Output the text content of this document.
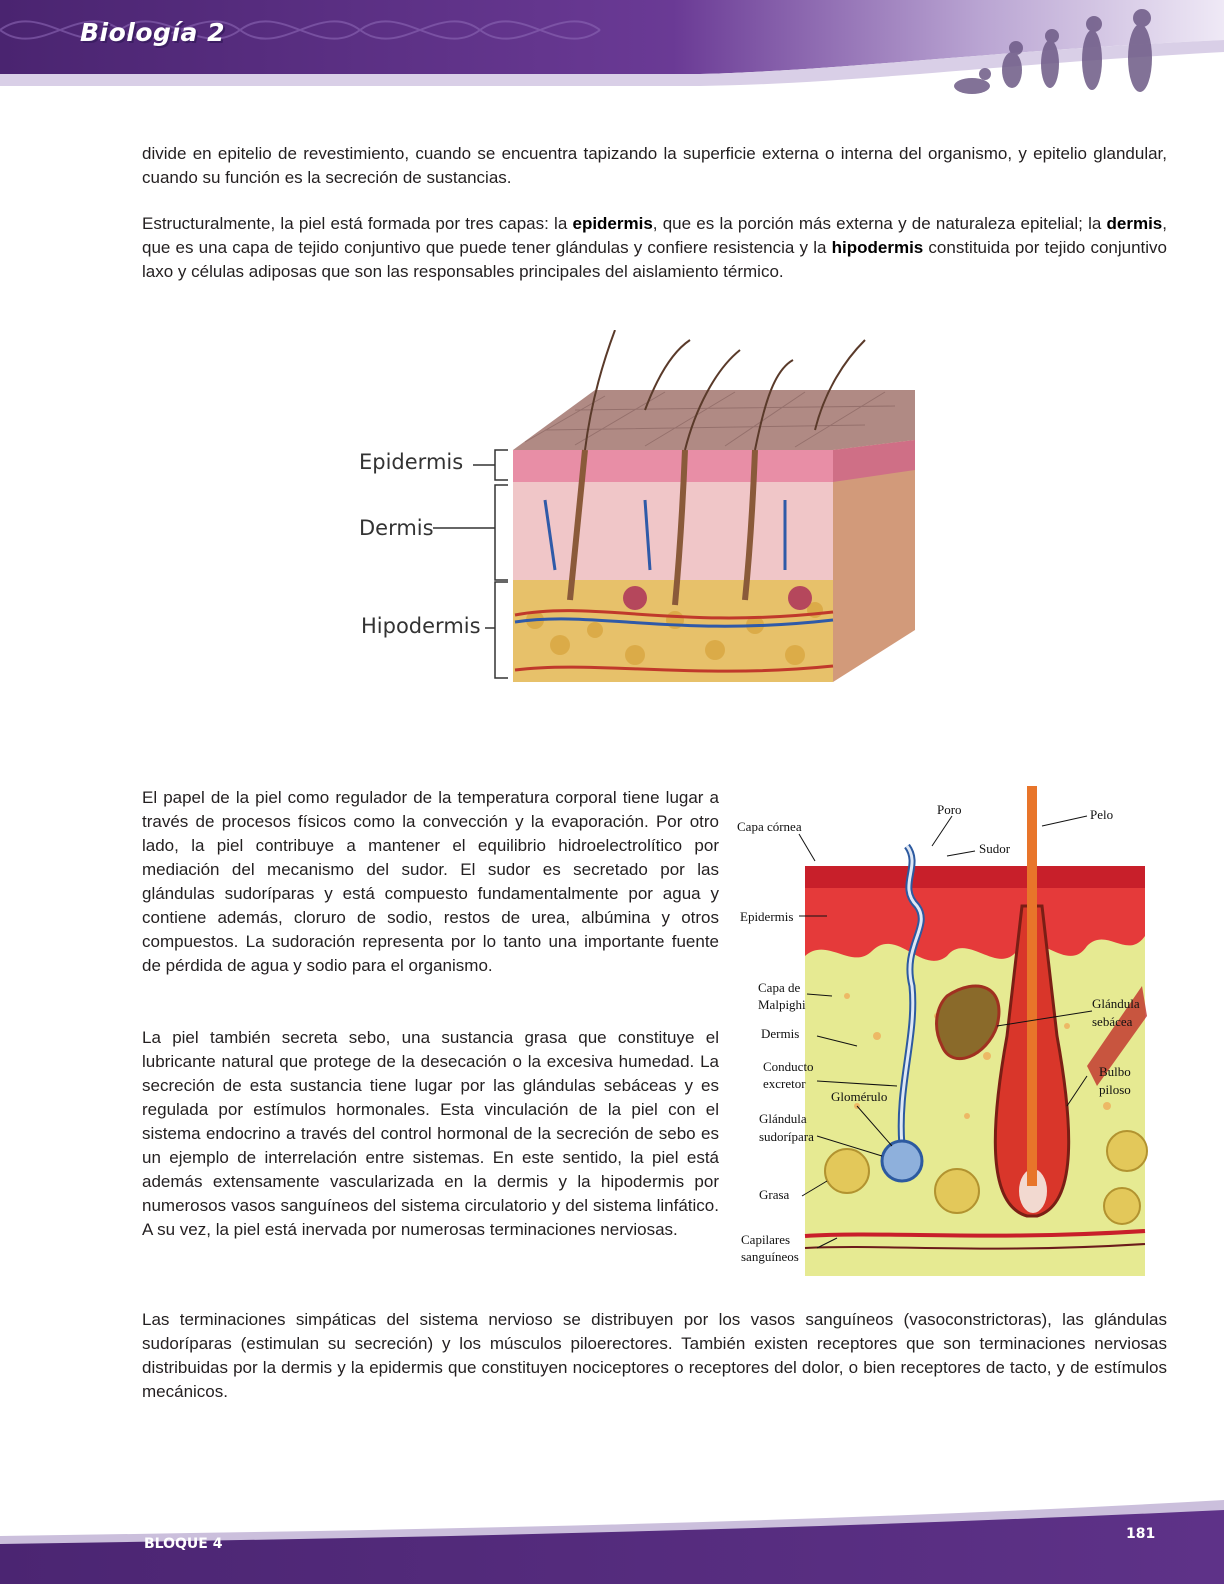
Biología 2

divide en epitelio de revestimiento, cuando se encuentra tapizando la superficie externa o interna del organismo, y epitelio glandular, cuando su función es la secreción de sustancias.

Estructuralmente, la piel está formada por tres capas: la epidermis, que es la porción más externa y de naturaleza epitelial; la dermis, que es una capa de tejido conjuntivo que puede tener glándulas y confiere resistencia y la hipodermis constituida por tejido conjuntivo laxo y células adiposas que son las responsables principales del aislamiento térmico.

Epidermis
Dermis
Hipodermis

El papel de la piel como regulador de la temperatura corporal tiene lugar a través de procesos físicos como la convección y la evaporación. Por otro lado, la piel contribuye a mantener el equilibrio hidroelectrolítico por mediación del mecanismo del sudor. El sudor es secretado por las glándulas sudoríparas y está compuesto fundamentalmente por agua y contiene además, cloruro de sodio, restos de urea, albúmina y otros compuestos. La sudoración representa por lo tanto una importante fuente de pérdida de agua y sodio para el organismo.

La piel también secreta sebo, una sustancia grasa que constituye el lubricante natural que protege de la desecación o la excesiva humedad. La secreción de esta sustancia tiene lugar por las glándulas sebáceas y es regulada por estímulos hormonales. Esta vinculación de la piel con el sistema endocrino a través del control hormonal de la secreción de sebo es un ejemplo de interrelación entre sistemas. En este sentido, la piel está además extensamente vascularizada en la dermis y la hipodermis por numerosos vasos sanguíneos del sistema circulatorio y del sistema linfático. A su vez, la piel está inervada por numerosas terminaciones nerviosas.

Capa córnea
Poro	Pelo
Sudor
Epidermis
Capa de
Malpighi	Glándula
sebácea
Dermis
Conducto
excretor
Bulbo
piloso
Glomérulo
Glándula
sudorípara
Grasa
Capilares
sanguíneos

Las terminaciones simpáticas del sistema nervioso se distribuyen por los vasos sanguíneos (vasoconstrictoras), las glándulas sudoríparas (estimulan su secreción) y los músculos piloerectores. También existen receptores que son terminaciones nerviosas distribuidas por la dermis y la epidermis que constituyen nociceptores o receptores del dolor, o bien receptores de tacto, y de estímulos mecánicos.

BLOQUE 4
181
